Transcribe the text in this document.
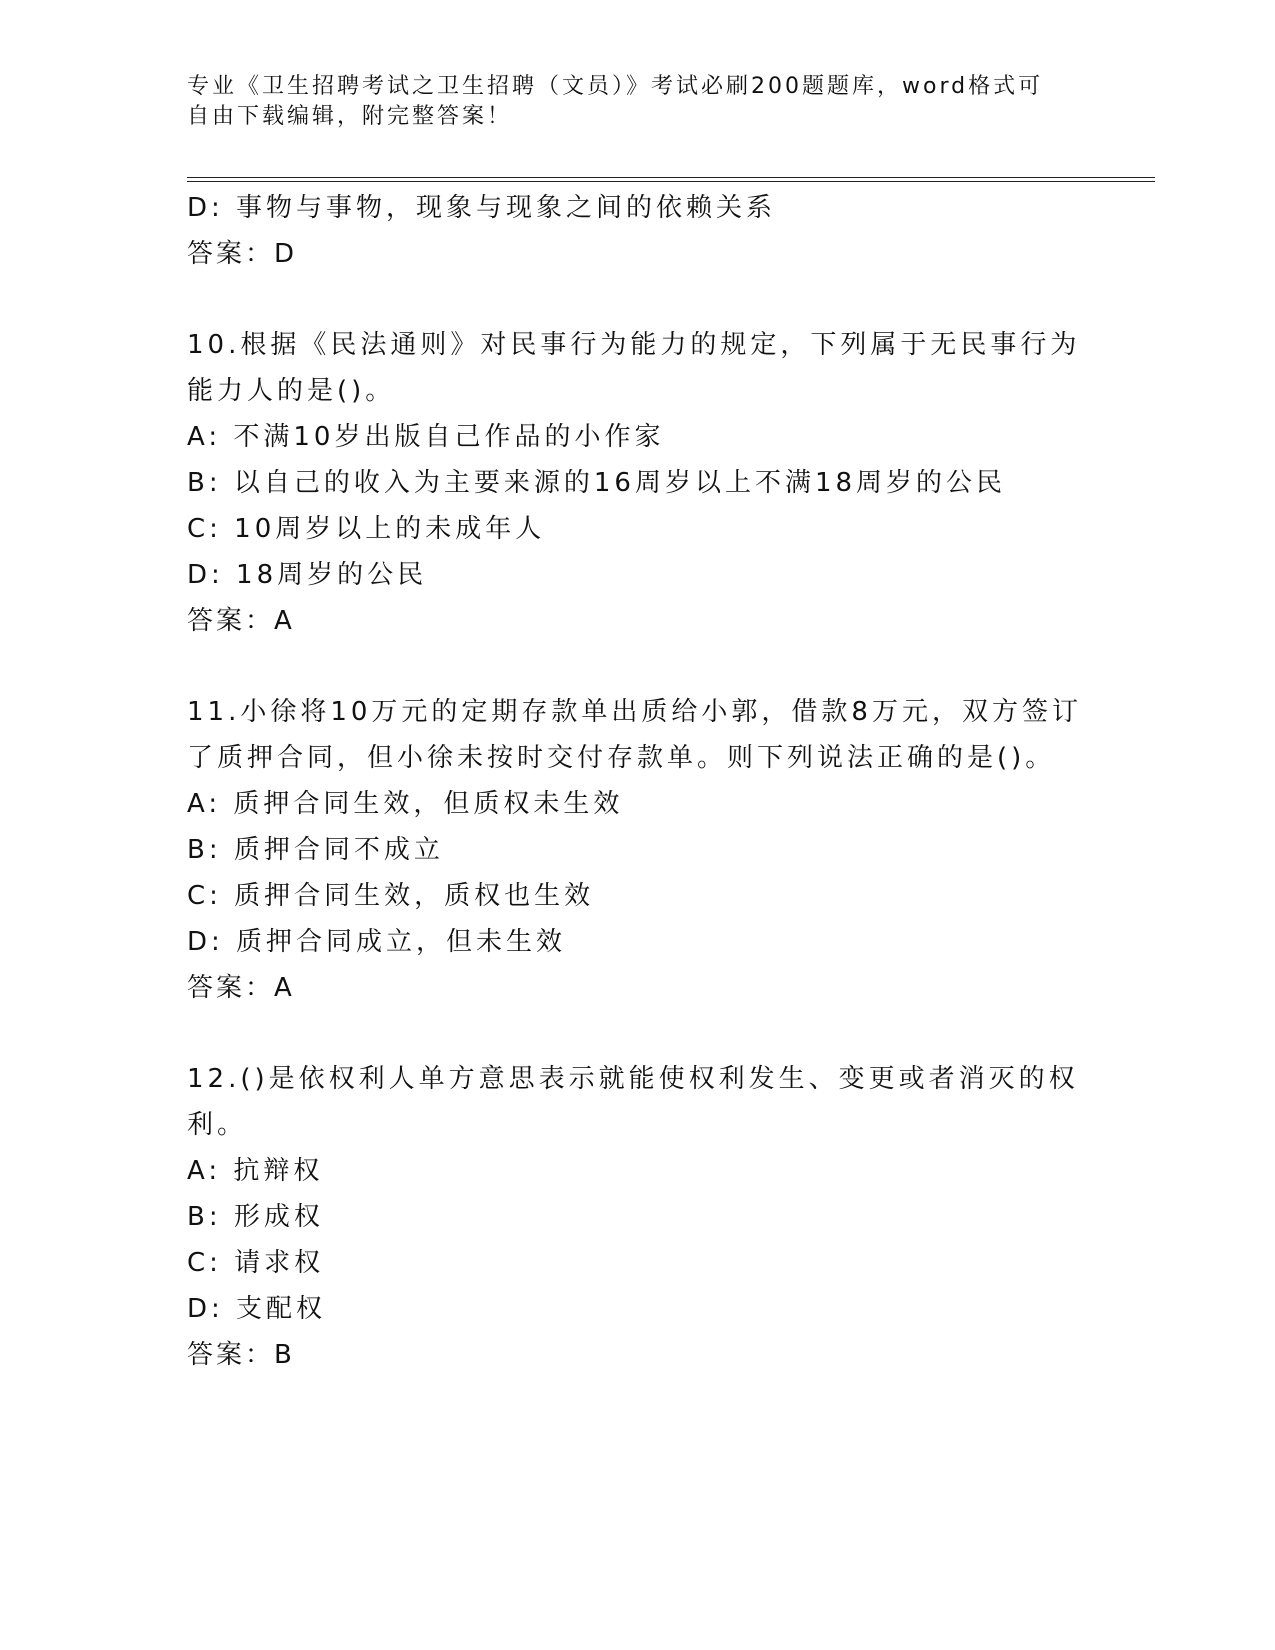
专业《卫生招聘考试之卫生招聘（文员）》考试必刷200题题库，word格式可自由下载编辑，附完整答案！
D: 事物与事物，现象与现象之间的依赖关系
答案：D
10.根据《民法通则》对民事行为能力的规定，下列属于无民事行为能力人的是()。
A: 不满10岁出版自己作品的小作家
B: 以自己的收入为主要来源的16周岁以上不满18周岁的公民
C: 10周岁以上的未成年人
D: 18周岁的公民
答案：A
11.小徐将10万元的定期存款单出质给小郭，借款8万元，双方签订了质押合同，但小徐未按时交付存款单。则下列说法正确的是()。
A: 质押合同生效，但质权未生效
B: 质押合同不成立
C: 质押合同生效，质权也生效
D: 质押合同成立，但未生效
答案：A
12.()是依权利人单方意思表示就能使权利发生、变更或者消灭的权利。
A: 抗辩权
B: 形成权
C: 请求权
D: 支配权
答案：B
